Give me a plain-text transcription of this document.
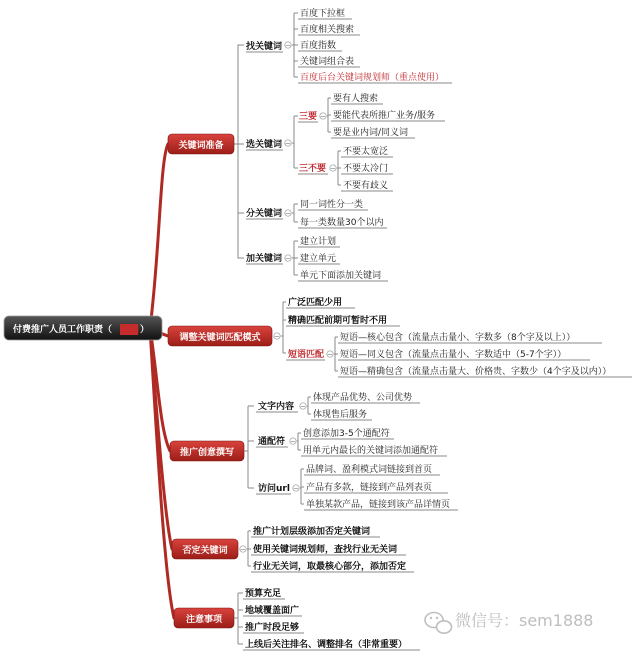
付费推广人员工作职责（ ■■ ）
关键词准备
找关键词 −
百度下拉框
百度相关搜索
百度指数
关键词组合表
百度后台关键词规划师（重点使用）
选关键词 −
三要 −
要有人搜索
要能代表所推广业务/服务
要是业内词/同义词
三不要 −
不要太宽泛
不要太冷门
不要有歧义
分关键词 −
同一词性分一类
每一类数量30个以内
加关键词 −
建立计划
建立单元
单元下面添加关键词
调整关键词匹配模式 −
广泛匹配少用
精确匹配前期可暂时不用
短语匹配 −
短语—核心包含（流量点击量小、字数多（8个字及以上））
短语—同义包含（流量点击量小、字数适中（5-7个字））
短语—精确包含（流量点击量大、价格贵、字数少（4个字及以内））
推广创意撰写
文字内容 −
体现产品优势、公司优势
体现售后服务
通配符 −
创意添加3-5个通配符
用单元内最长的关键词添加通配符
访问url −
品牌词、盈利模式词链接到首页
产品有多款，链接到产品列表页
单独某款产品，链接到该产品详情页
否定关键词 −
推广计划层级添加否定关键词
使用关键词规划师，查找行业无关词
行业无关词，取最核心部分，添加否定
注意事项
预算充足
地域覆盖面广
推广时段足够
上线后关注排名、调整排名（非常重要）
微信号：sem1888
